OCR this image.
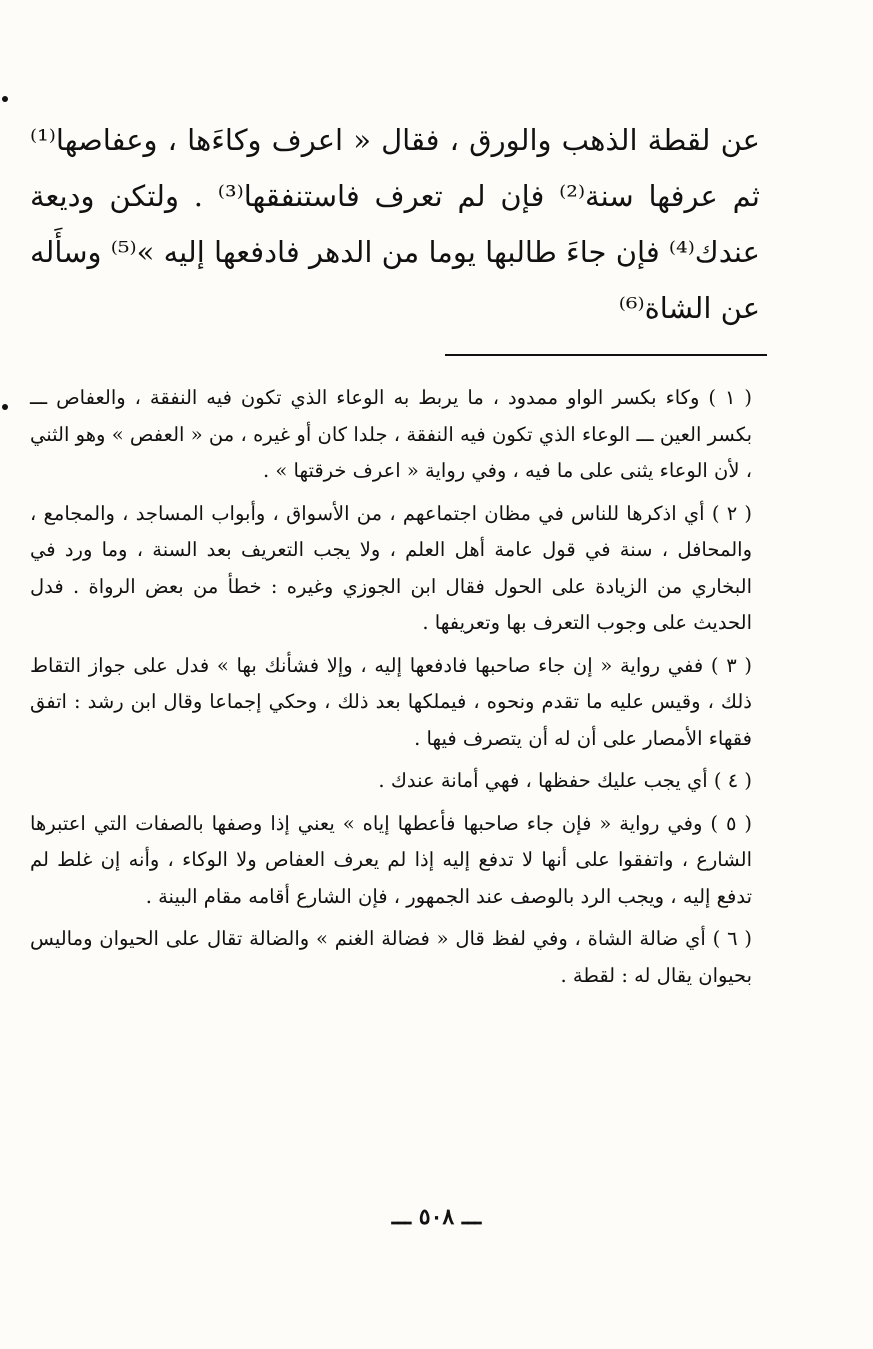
عن لقطة الذهب والورق ، فقال « اعرف وكاءَها ، وعفاصها⁽¹⁾ ثم عرفها سنة⁽²⁾ فإن لم تعرف فاستنفقها⁽³⁾ . ولتكن وديعة عندك⁽⁴⁾ فإن جاءَ طالبها يوما من الدهر فادفعها إليه »⁽⁵⁾ وسأَله عن الشاة⁽⁶⁾

( ١ ) وكاء بكسر الواو ممدود ، ما يربط به الوعاء الذي تكون فيه النفقة ، والعفاص ـــ بكسر العين ـــ الوعاء الذي تكون فيه النفقة ، جلدا كان أو غيره ، من « العفص » وهو الثني ، لأن الوعاء يثنى على ما فيه ، وفي رواية « اعرف خرقتها » .

( ٢ ) أي اذكرها للناس في مظان اجتماعهم ، من الأسواق ، وأبواب المساجد ، والمجامع ، والمحافل ، سنة في قول عامة أهل العلم ، ولا يجب التعريف بعد السنة ، وما ورد في البخاري من الزيادة على الحول فقال ابن الجوزي وغيره : خطأ من بعض الرواة . فدل الحديث على وجوب التعرف بها وتعريفها .

( ٣ ) ففي رواية « إن جاء صاحبها فادفعها إليه ، وإلا فشأنك بها » فدل على جواز التقاط ذلك ، وقيس عليه ما تقدم ونحوه ، فيملكها بعد ذلك ، وحكي إجماعا وقال ابن رشد : اتفق فقهاء الأمصار على أن له أن يتصرف فيها .

( ٤ ) أي يجب عليك حفظها ، فهي أمانة عندك .

( ٥ ) وفي رواية « فإن جاء صاحبها فأعطها إياه » يعني إذا وصفها بالصفات التي اعتبرها الشارع ، واتفقوا على أنها لا تدفع إليه إذا لم يعرف العفاص ولا الوكاء ، وأنه إن غلط لم تدفع إليه ، ويجب الرد بالوصف عند الجمهور ، فإن الشارع أقامه مقام البينة .

( ٦ ) أي ضالة الشاة ، وفي لفظ قال « فضالة الغنم » والضالة تقال على الحيوان وماليس بحيوان يقال له : لقطة .

ـــ ٥٠٨ ـــ
